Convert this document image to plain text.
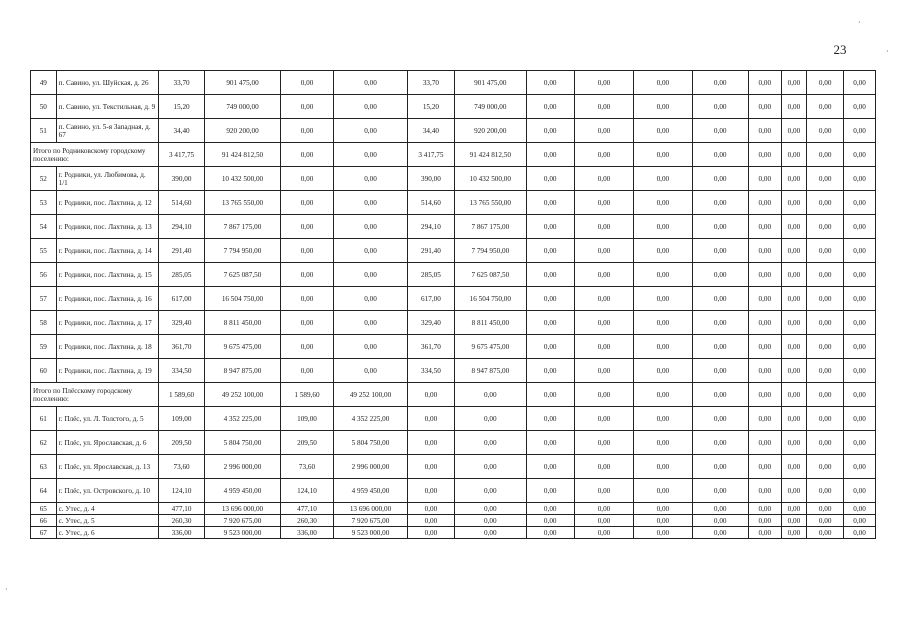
23
·
·
·
49	п. Савино, ул. Шуйская, д. 26	33,70	901 475,00	0,00	0,00	33,70	901 475,00	0,00	0,00	0,00	0,00	0,00	0,00	0,00	0,00
50	п. Савино, ул. Текстильная, д. 9	15,20	749 000,00	0,00	0,00	15,20	749 000,00	0,00	0,00	0,00	0,00	0,00	0,00	0,00	0,00
51	п. Савино, ул. 5-я Западная, д. 67	34,40	920 200,00	0,00	0,00	34,40	920 200,00	0,00	0,00	0,00	0,00	0,00	0,00	0,00	0,00
Итого по Родниковскому городскому поселению:		3 417,75	91 424 812,50	0,00	0,00	3 417,75	91 424 812,50	0,00	0,00	0,00	0,00	0,00	0,00	0,00	0,00
52	г. Родники, ул. Любимова, д. 1/1	390,00	10 432 500,00	0,00	0,00	390,00	10 432 500,00	0,00	0,00	0,00	0,00	0,00	0,00	0,00	0,00
53	г. Родники, пос. Лахтина, д. 12	514,60	13 765 550,00	0,00	0,00	514,60	13 765 550,00	0,00	0,00	0,00	0,00	0,00	0,00	0,00	0,00
54	г. Родники, пос. Лахтина, д. 13	294,10	7 867 175,00	0,00	0,00	294,10	7 867 175,00	0,00	0,00	0,00	0,00	0,00	0,00	0,00	0,00
55	г. Родники, пос. Лахтина, д. 14	291,40	7 794 950,00	0,00	0,00	291,40	7 794 950,00	0,00	0,00	0,00	0,00	0,00	0,00	0,00	0,00
56	г. Родники, пос. Лахтина, д. 15	285,05	7 625 087,50	0,00	0,00	285,05	7 625 087,50	0,00	0,00	0,00	0,00	0,00	0,00	0,00	0,00
57	г. Родники, пос. Лахтина, д. 16	617,00	16 504 750,00	0,00	0,00	617,00	16 504 750,00	0,00	0,00	0,00	0,00	0,00	0,00	0,00	0,00
58	г. Родники, пос. Лахтина, д. 17	329,40	8 811 450,00	0,00	0,00	329,40	8 811 450,00	0,00	0,00	0,00	0,00	0,00	0,00	0,00	0,00
59	г. Родники, пос. Лахтина, д. 18	361,70	9 675 475,00	0,00	0,00	361,70	9 675 475,00	0,00	0,00	0,00	0,00	0,00	0,00	0,00	0,00
60	г. Родники, пос. Лахтина, д. 19	334,50	8 947 875,00	0,00	0,00	334,50	8 947 875,00	0,00	0,00	0,00	0,00	0,00	0,00	0,00	0,00
Итого по Плёсскому городскому поселению:		1 589,60	49 252 100,00	1 589,60	49 252 100,00	0,00	0,00	0,00	0,00	0,00	0,00	0,00	0,00	0,00	0,00
61	г. Плёс, ул. Л. Толстого, д. 5	109,00	4 352 225,00	109,00	4 352 225,00	0,00	0,00	0,00	0,00	0,00	0,00	0,00	0,00	0,00	0,00
62	г. Плёс, ул. Ярославская, д. 6	209,50	5 804 750,00	209,50	5 804 750,00	0,00	0,00	0,00	0,00	0,00	0,00	0,00	0,00	0,00	0,00
63	г. Плёс, ул. Ярославская, д. 13	73,60	2 996 000,00	73,60	2 996 000,00	0,00	0,00	0,00	0,00	0,00	0,00	0,00	0,00	0,00	0,00
64	г. Плёс, ул. Островского, д. 10	124,10	4 959 450,00	124,10	4 959 450,00	0,00	0,00	0,00	0,00	0,00	0,00	0,00	0,00	0,00	0,00
65	с. Утес, д. 4	477,10	13 696 000,00	477,10	13 696 000,00	0,00	0,00	0,00	0,00	0,00	0,00	0,00	0,00	0,00	0,00
66	с. Утес, д. 5	260,30	7 920 675,00	260,30	7 920 675,00	0,00	0,00	0,00	0,00	0,00	0,00	0,00	0,00	0,00	0,00
67	с. Утес, д. 6	336,00	9 523 000,00	336,00	9 523 000,00	0,00	0,00	0,00	0,00	0,00	0,00	0,00	0,00	0,00	0,00
